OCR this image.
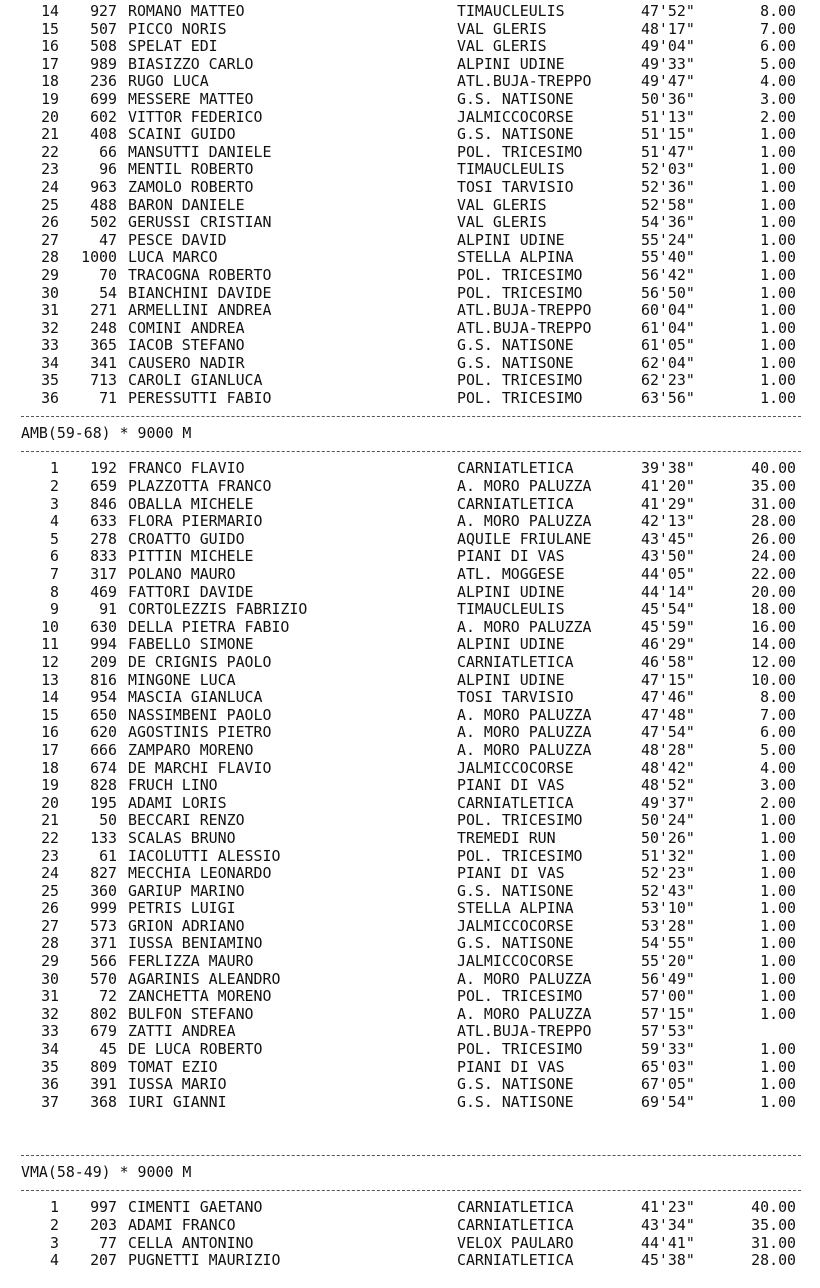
14	927 ROMANO MATTEO	TIMAUCLEULIS	47'52"	8.00
15	507 PICCO NORIS	VAL GLERIS	48'17"	7.00
16	508 SPELAT EDI	VAL GLERIS	49'04"	6.00
17	989 BIASIZZO CARLO	ALPINI UDINE	49'33"	5.00
18	236 RUGO LUCA	ATL.BUJA-TREPPO	49'47"	4.00
19	699 MESSERE MATTEO	G.S. NATISONE	50'36"	3.00
20	602 VITTOR FEDERICO	JALMICCOCORSE	51'13"	2.00
21	408 SCAINI GUIDO	G.S. NATISONE	51'15"	1.00
22	66 MANSUTTI DANIELE	POL. TRICESIMO	51'47"	1.00
23	96 MENTIL ROBERTO	TIMAUCLEULIS	52'03"	1.00
24	963 ZAMOLO ROBERTO	TOSI TARVISIO	52'36"	1.00
25	488 BARON DANIELE	VAL GLERIS	52'58"	1.00
26	502 GERUSSI CRISTIAN	VAL GLERIS	54'36"	1.00
27	47 PESCE DAVID	ALPINI UDINE	55'24"	1.00
28	1000 LUCA MARCO	STELLA ALPINA	55'40"	1.00
29	70 TRACOGNA ROBERTO	POL. TRICESIMO	56'42"	1.00
30	54 BIANCHINI DAVIDE	POL. TRICESIMO	56'50"	1.00
31	271 ARMELLINI ANDREA	ATL.BUJA-TREPPO	60'04"	1.00
32	248 COMINI ANDREA	ATL.BUJA-TREPPO	61'04"	1.00
33	365 IACOB STEFANO	G.S. NATISONE	61'05"	1.00
34	341 CAUSERO NADIR	G.S. NATISONE	62'04"	1.00
35	713 CAROLI GIANLUCA	POL. TRICESIMO	62'23"	1.00
36	71 PERESSUTTI FABIO	POL. TRICESIMO	63'56"	1.00
AMB(59-68) * 9000 M
1	192 FRANCO FLAVIO	CARNIATLETICA	39'38"	40.00
2	659 PLAZZOTTA FRANCO	A. MORO PALUZZA	41'20"	35.00
3	846 OBALLA MICHELE	CARNIATLETICA	41'29"	31.00
4	633 FLORA PIERMARIO	A. MORO PALUZZA	42'13"	28.00
5	278 CROATTO GUIDO	AQUILE FRIULANE	43'45"	26.00
6	833 PITTIN MICHELE	PIANI DI VAS	43'50"	24.00
7	317 POLANO MAURO	ATL. MOGGESE	44'05"	22.00
8	469 FATTORI DAVIDE	ALPINI UDINE	44'14"	20.00
9	91 CORTOLEZZIS FABRIZIO	TIMAUCLEULIS	45'54"	18.00
10	630 DELLA PIETRA FABIO	A. MORO PALUZZA	45'59"	16.00
11	994 FABELLO SIMONE	ALPINI UDINE	46'29"	14.00
12	209 DE CRIGNIS PAOLO	CARNIATLETICA	46'58"	12.00
13	816 MINGONE LUCA	ALPINI UDINE	47'15"	10.00
14	954 MASCIA GIANLUCA	TOSI TARVISIO	47'46"	8.00
15	650 NASSIMBENI PAOLO	A. MORO PALUZZA	47'48"	7.00
16	620 AGOSTINIS PIETRO	A. MORO PALUZZA	47'54"	6.00
17	666 ZAMPARO MORENO	A. MORO PALUZZA	48'28"	5.00
18	674 DE MARCHI FLAVIO	JALMICCOCORSE	48'42"	4.00
19	828 FRUCH LINO	PIANI DI VAS	48'52"	3.00
20	195 ADAMI LORIS	CARNIATLETICA	49'37"	2.00
21	50 BECCARI RENZO	POL. TRICESIMO	50'24"	1.00
22	133 SCALAS BRUNO	TREMEDI RUN	50'26"	1.00
23	61 IACOLUTTI ALESSIO	POL. TRICESIMO	51'32"	1.00
24	827 MECCHIA LEONARDO	PIANI DI VAS	52'23"	1.00
25	360 GARIUP MARINO	G.S. NATISONE	52'43"	1.00
26	999 PETRIS LUIGI	STELLA ALPINA	53'10"	1.00
27	573 GRION ADRIANO	JALMICCOCORSE	53'28"	1.00
28	371 IUSSA BENIAMINO	G.S. NATISONE	54'55"	1.00
29	566 FERLIZZA MAURO	JALMICCOCORSE	55'20"	1.00
30	570 AGARINIS ALEANDRO	A. MORO PALUZZA	56'49"	1.00
31	72 ZANCHETTA MORENO	POL. TRICESIMO	57'00"	1.00
32	802 BULFON STEFANO	A. MORO PALUZZA	57'15"	1.00
33	679 ZATTI ANDREA	ATL.BUJA-TREPPO	57'53"
34	45 DE LUCA ROBERTO	POL. TRICESIMO	59'33"	1.00
35	809 TOMAT EZIO	PIANI DI VAS	65'03"	1.00
36	391 IUSSA MARIO	G.S. NATISONE	67'05"	1.00
37	368 IURI GIANNI	G.S. NATISONE	69'54"	1.00
VMA(58-49) * 9000 M
1	997 CIMENTI GAETANO	CARNIATLETICA	41'23"	40.00
2	203 ADAMI FRANCO	CARNIATLETICA	43'34"	35.00
3	77 CELLA ANTONINO	VELOX PAULARO	44'41"	31.00
4	207 PUGNETTI MAURIZIO	CARNIATLETICA	45'38"	28.00
